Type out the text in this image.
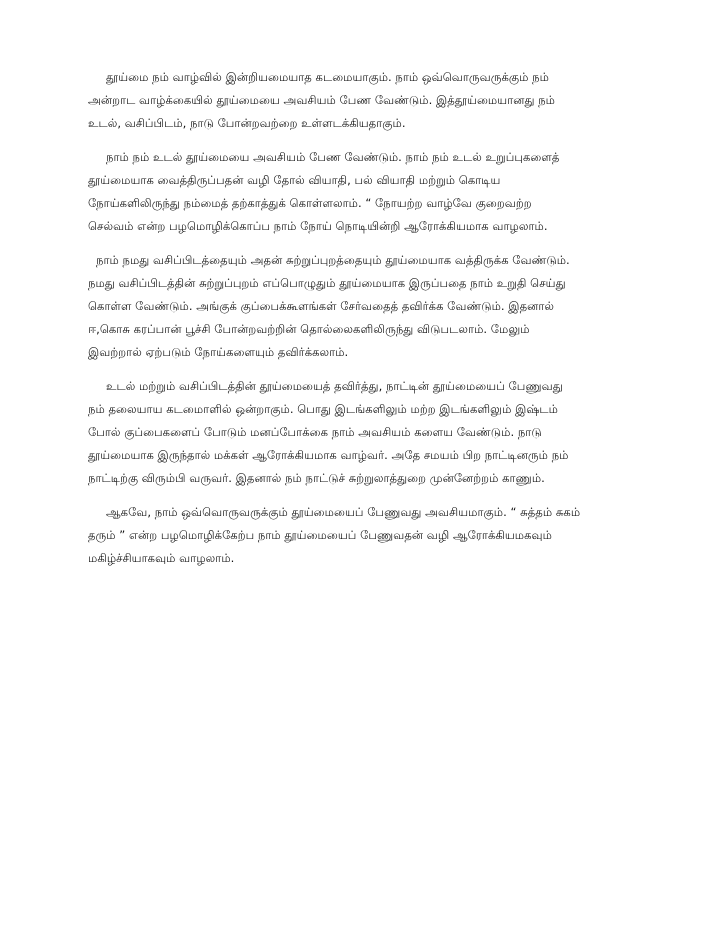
தூய்மை நம் வாழ்வில் இன்றியமையாத கடமையாகும். நாம் ஒவ்வொருவருக்கும் நம்
அன்றாட வாழ்க்கையில் தூய்மையை அவசியம் பேண வேண்டும். இத்தூய்மையானது நம்
உடல், வசிப்பிடம், நாடு போன்றவற்றை உள்ளடக்கியதாகும்.
நாம் நம் உடல் தூய்மையை அவசியம் பேண வேண்டும். நாம் நம் உடல் உறுப்புகளைத்
தூய்மையாக வைத்திருப்பதன் வழி தோல் வியாதி, பல் வியாதி மற்றும் கொடிய
நோய்களிலிருந்து நம்மைத் தற்காத்துக் கொள்ளலாம். “ நோயற்ற வாழ்வே குறைவற்ற
செல்வம் என்ற பழமொழிக்கொப்ப நாம் நோய் நொடியின்றி ஆரோக்கியமாக வாழலாம்.
நாம் நமது வசிப்பிடத்தையும் அதன் சுற்றுப்புறத்தையும் தூய்மையாக வத்திருக்க வேண்டும்.
நமது வசிப்பிடத்தின் சுற்றுப்புறம் எப்பொழுதும் தூய்மையாக இருப்பதை நாம் உறுதி செய்து
கொள்ள வேண்டும். அங்குக் குப்பைக்கூளங்கள் சேர்வதைத் தவிர்க்க வேண்டும். இதனால்
ஈ,கொசு கரப்பான் பூச்சி போன்றவற்றின் தொல்லைகளிலிருந்து விடுபடலாம். மேலும்
இவற்றால் ஏற்படும் நோய்களையும் தவிர்க்கலாம்.
உடல் மற்றும் வசிப்பிடத்தின் தூய்மையைத் தவிர்த்து, நாட்டின் தூய்மையைப் பேணுவது
நம் தலையாய கடமைாளில் ஒன்றாகும். பொது இடங்களிலும் மற்ற இடங்களிலும் இஷ்டம்
போல் குப்பைகளைப் போடும் மனப்போக்கை நாம் அவசியம் களைய வேண்டும். நாடு
தூய்மையாக இருந்தால் மக்கள் ஆரோக்கியமாக வாழ்வர். அதே சமயம் பிற நாட்டினரும் நம்
நாட்டிற்கு விரும்பி வருவர். இதனால் நம் நாட்டுச் சுற்றுலாத்துறை முன்னேற்றம் காணும்.
ஆகவே, நாம் ஒவ்வொருவருக்கும் தூய்மையைப் பேணுவது அவசியமாகும். “ சுத்தம் சுகம்
தரும் ” என்ற பழமொழிக்கேற்ப நாம் தூய்மையைப் பேணுவதன் வழி ஆரோக்கியமகவும்
மகிழ்ச்சியாகவும் வாழலாம்.
